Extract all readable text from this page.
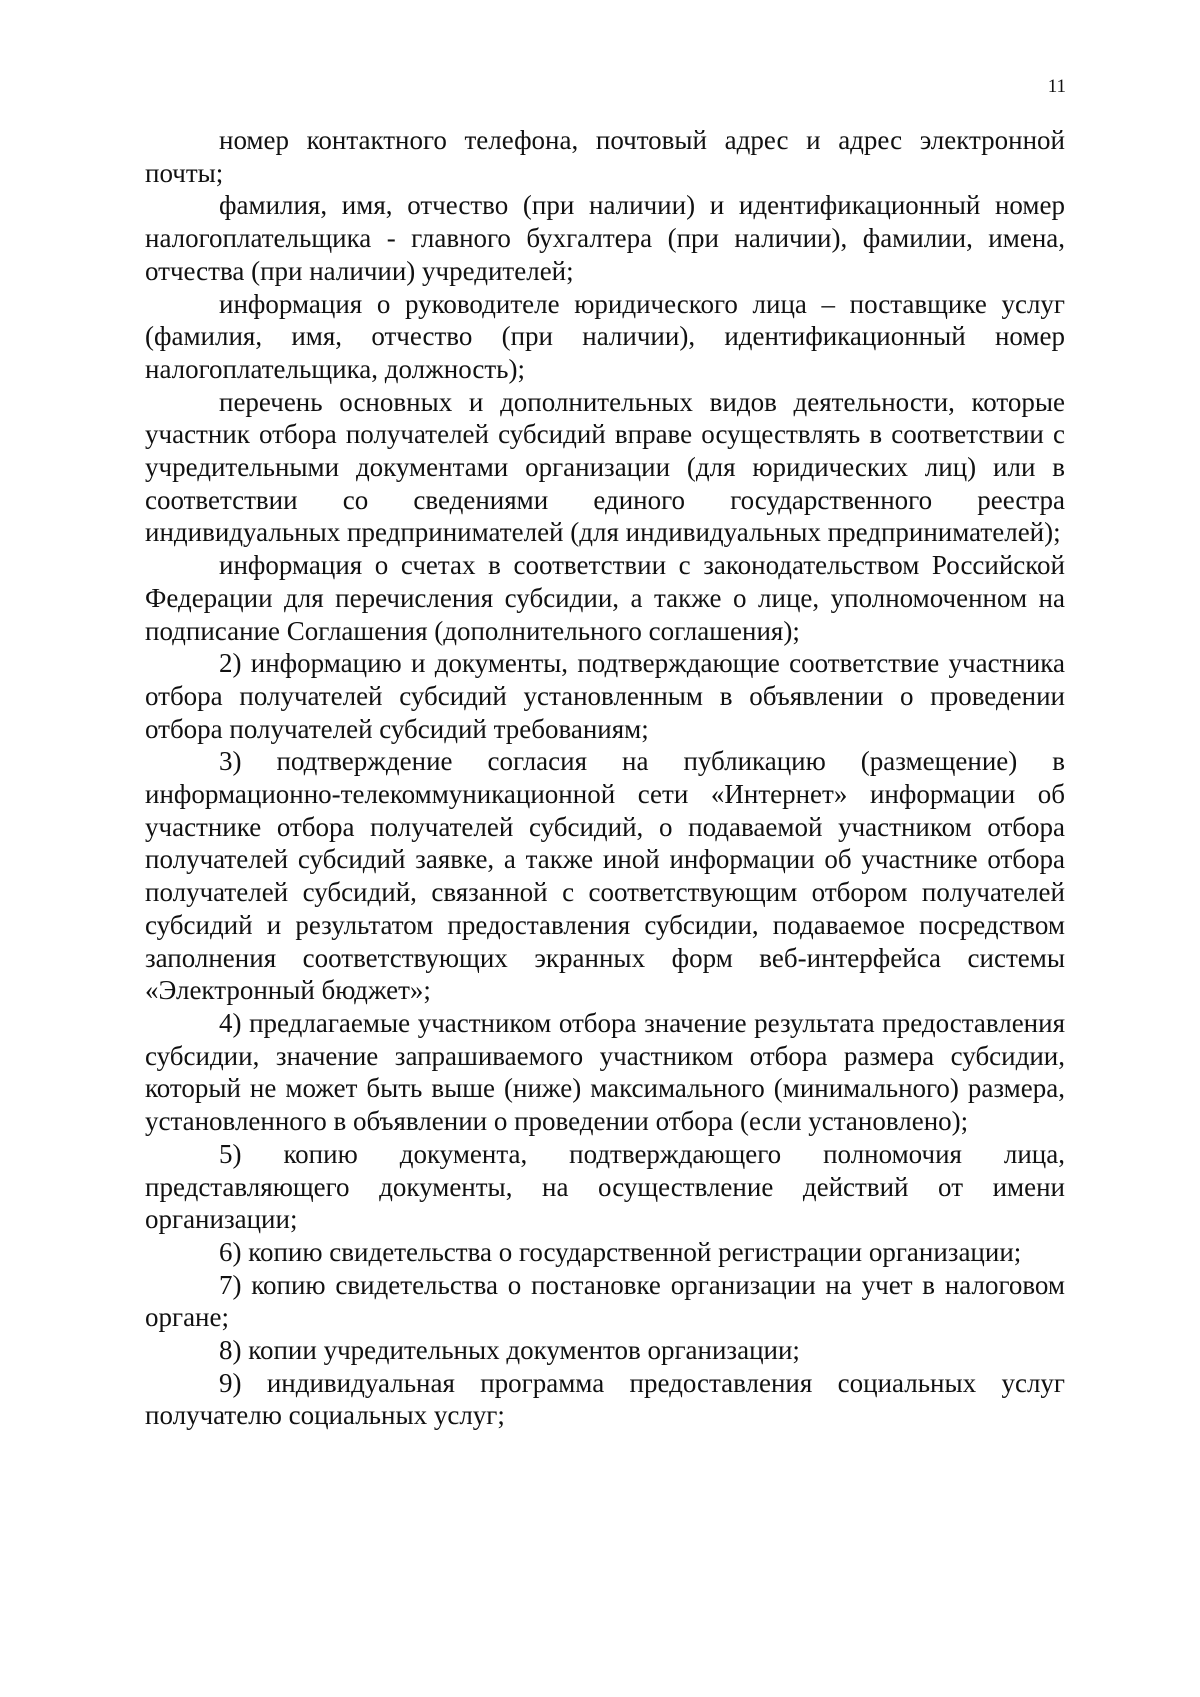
11

номер контактного телефона, почтовый адрес и адрес электронной почты;

фамилия, имя, отчество (при наличии) и идентификационный номер налогоплательщика - главного бухгалтера (при наличии), фамилии, имена, отчества (при наличии) учредителей;

информация о руководителе юридического лица – поставщике услуг (фамилия, имя, отчество (при наличии), идентификационный номер налогоплательщика, должность);

перечень основных и дополнительных видов деятельности, которые участник отбора получателей субсидий вправе осуществлять в соответствии с учредительными документами организации (для юридических лиц) или в соответствии со сведениями единого государственного реестра индивидуальных предпринимателей (для индивидуальных предпринимателей);

информация о счетах в соответствии с законодательством Российской Федерации для перечисления субсидии, а также о лице, уполномоченном на подписание Соглашения (дополнительного соглашения);

2) информацию и документы, подтверждающие соответствие участника отбора получателей субсидий установленным в объявлении о проведении отбора получателей субсидий требованиям;

3) подтверждение согласия на публикацию (размещение) в информационно-телекоммуникационной сети «Интернет» информации об участнике отбора получателей субсидий, о подаваемой участником отбора получателей субсидий заявке, а также иной информации об участнике отбора получателей субсидий, связанной с соответствующим отбором получателей субсидий и результатом предоставления субсидии, подаваемое посредством заполнения соответствующих экранных форм веб-интерфейса системы «Электронный бюджет»;

4) предлагаемые участником отбора значение результата предоставления субсидии, значение запрашиваемого участником отбора размера субсидии, который не может быть выше (ниже) максимального (минимального) размера, установленного в объявлении о проведении отбора (если установлено);

5) копию документа, подтверждающего полномочия лица, представляющего документы, на осуществление действий от имени организации;

6) копию свидетельства о государственной регистрации организации;

7) копию свидетельства о постановке организации на учет в налоговом органе;

8) копии учредительных документов организации;

9) индивидуальная программа предоставления социальных услуг получателю социальных услуг;
